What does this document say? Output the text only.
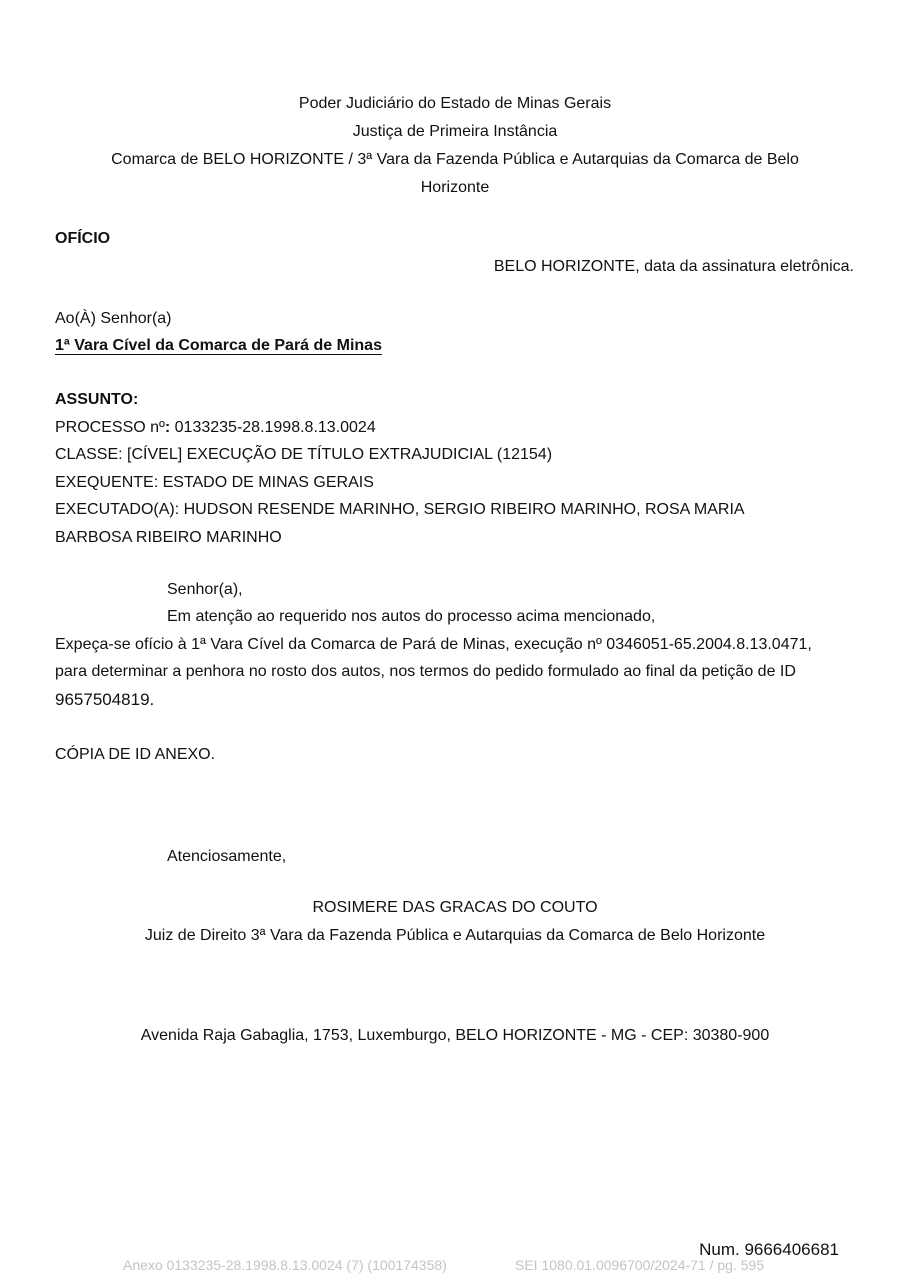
Poder Judiciário do Estado de Minas Gerais
Justiça de Primeira Instância
Comarca de BELO HORIZONTE / 3ª Vara da Fazenda Pública e Autarquias da Comarca de Belo
Horizonte
OFÍCIO
BELO HORIZONTE, data da assinatura eletrônica.
Ao(À) Senhor(a)
1ª Vara Cível da Comarca de Pará de Minas
ASSUNTO:
PROCESSO nº: 0133235-28.1998.8.13.0024
CLASSE: [CÍVEL] EXECUÇÃO DE TÍTULO EXTRAJUDICIAL (12154)
EXEQUENTE: ESTADO DE MINAS GERAIS
EXECUTADO(A): HUDSON RESENDE MARINHO, SERGIO RIBEIRO MARINHO, ROSA MARIA
BARBOSA RIBEIRO MARINHO
Senhor(a),
Em atenção ao requerido nos autos do processo acima mencionado,
Expeça-se ofício à 1ª Vara Cível da Comarca de Pará de Minas, execução nº 0346051-65.2004.8.13.0471,
para determinar a penhora no rosto dos autos, nos termos do pedido formulado ao final da petição de ID
9657504819.
CÓPIA DE ID ANEXO.
Atenciosamente,
ROSIMERE DAS GRACAS DO COUTO
Juiz de Direito 3ª Vara da Fazenda Pública e Autarquias da Comarca de Belo Horizonte
Avenida Raja Gabaglia, 1753, Luxemburgo, BELO HORIZONTE - MG - CEP: 30380-900
Num. 9666406681
Anexo 0133235-28.1998.8.13.0024 (7) (100174358)	SEI 1080.01.0096700/2024-71 / pg. 595
